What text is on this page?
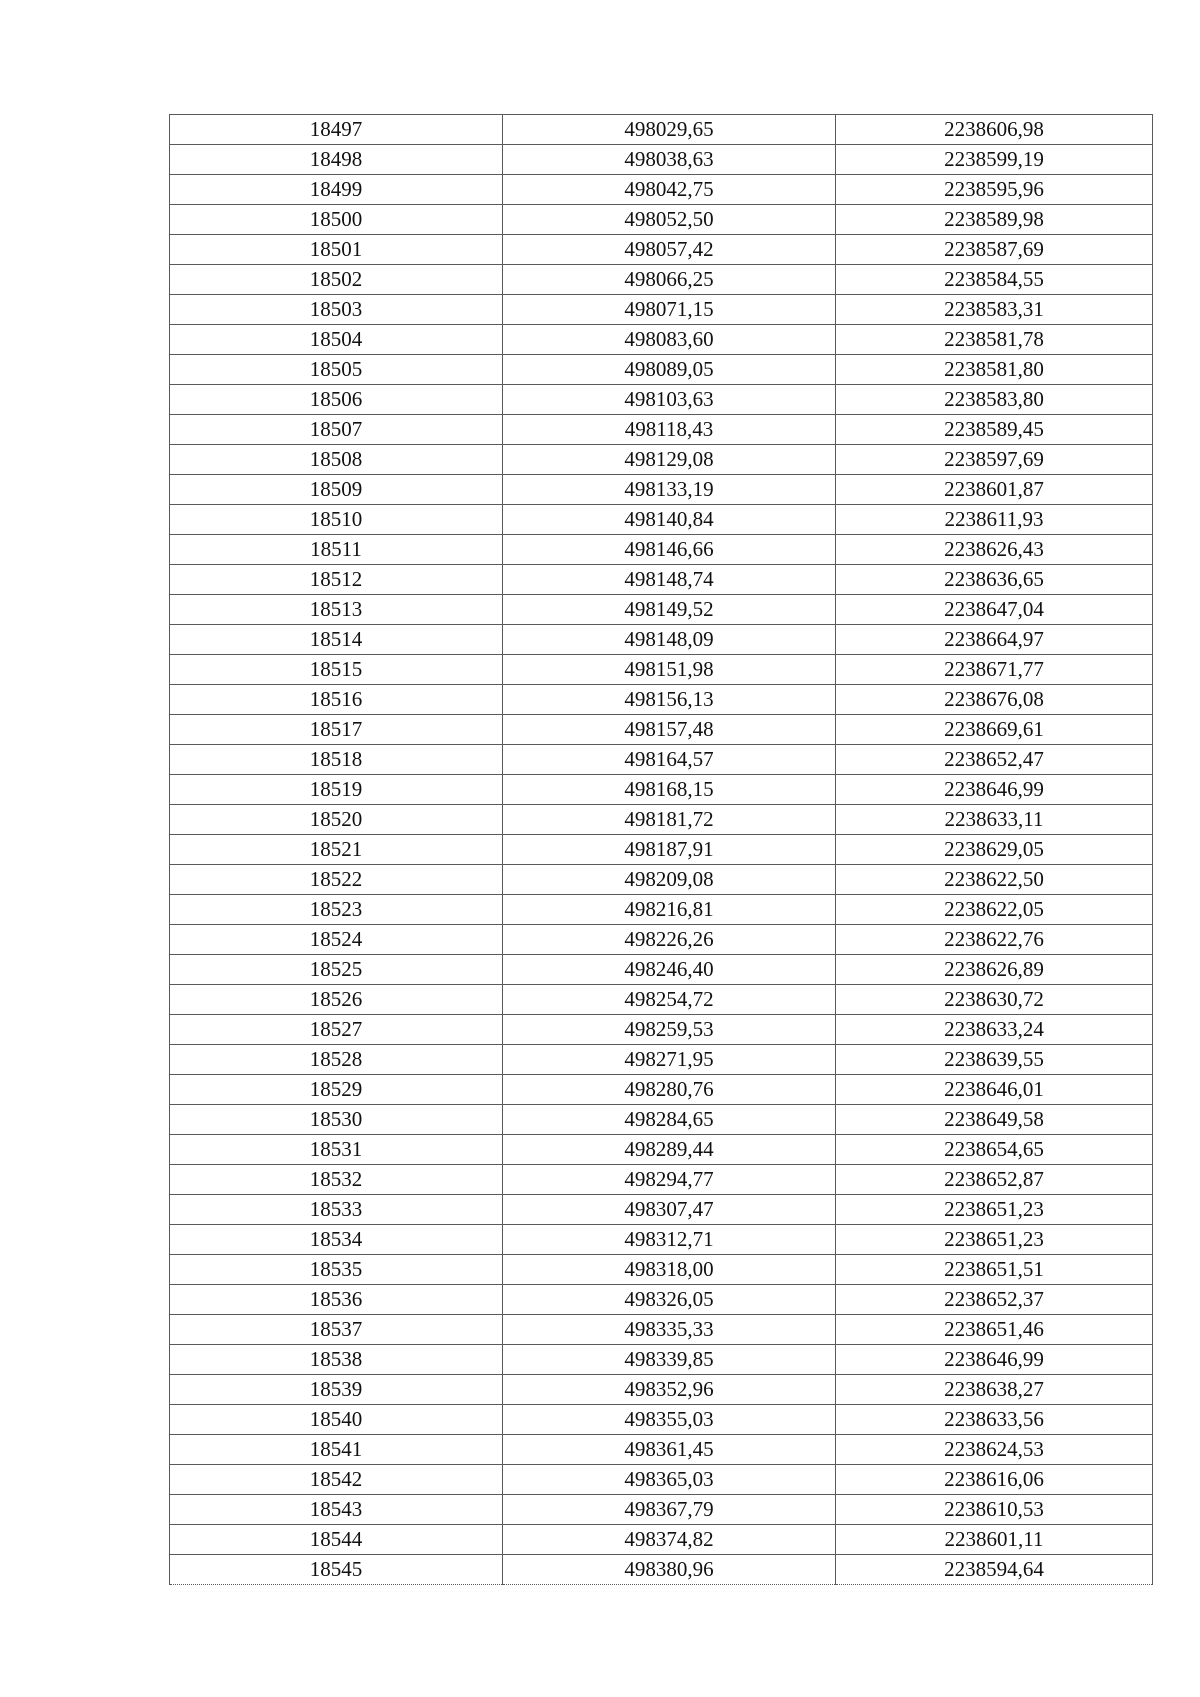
18497	498029,65	2238606,98
18498	498038,63	2238599,19
18499	498042,75	2238595,96
18500	498052,50	2238589,98
18501	498057,42	2238587,69
18502	498066,25	2238584,55
18503	498071,15	2238583,31
18504	498083,60	2238581,78
18505	498089,05	2238581,80
18506	498103,63	2238583,80
18507	498118,43	2238589,45
18508	498129,08	2238597,69
18509	498133,19	2238601,87
18510	498140,84	2238611,93
18511	498146,66	2238626,43
18512	498148,74	2238636,65
18513	498149,52	2238647,04
18514	498148,09	2238664,97
18515	498151,98	2238671,77
18516	498156,13	2238676,08
18517	498157,48	2238669,61
18518	498164,57	2238652,47
18519	498168,15	2238646,99
18520	498181,72	2238633,11
18521	498187,91	2238629,05
18522	498209,08	2238622,50
18523	498216,81	2238622,05
18524	498226,26	2238622,76
18525	498246,40	2238626,89
18526	498254,72	2238630,72
18527	498259,53	2238633,24
18528	498271,95	2238639,55
18529	498280,76	2238646,01
18530	498284,65	2238649,58
18531	498289,44	2238654,65
18532	498294,77	2238652,87
18533	498307,47	2238651,23
18534	498312,71	2238651,23
18535	498318,00	2238651,51
18536	498326,05	2238652,37
18537	498335,33	2238651,46
18538	498339,85	2238646,99
18539	498352,96	2238638,27
18540	498355,03	2238633,56
18541	498361,45	2238624,53
18542	498365,03	2238616,06
18543	498367,79	2238610,53
18544	498374,82	2238601,11
18545	498380,96	2238594,64
